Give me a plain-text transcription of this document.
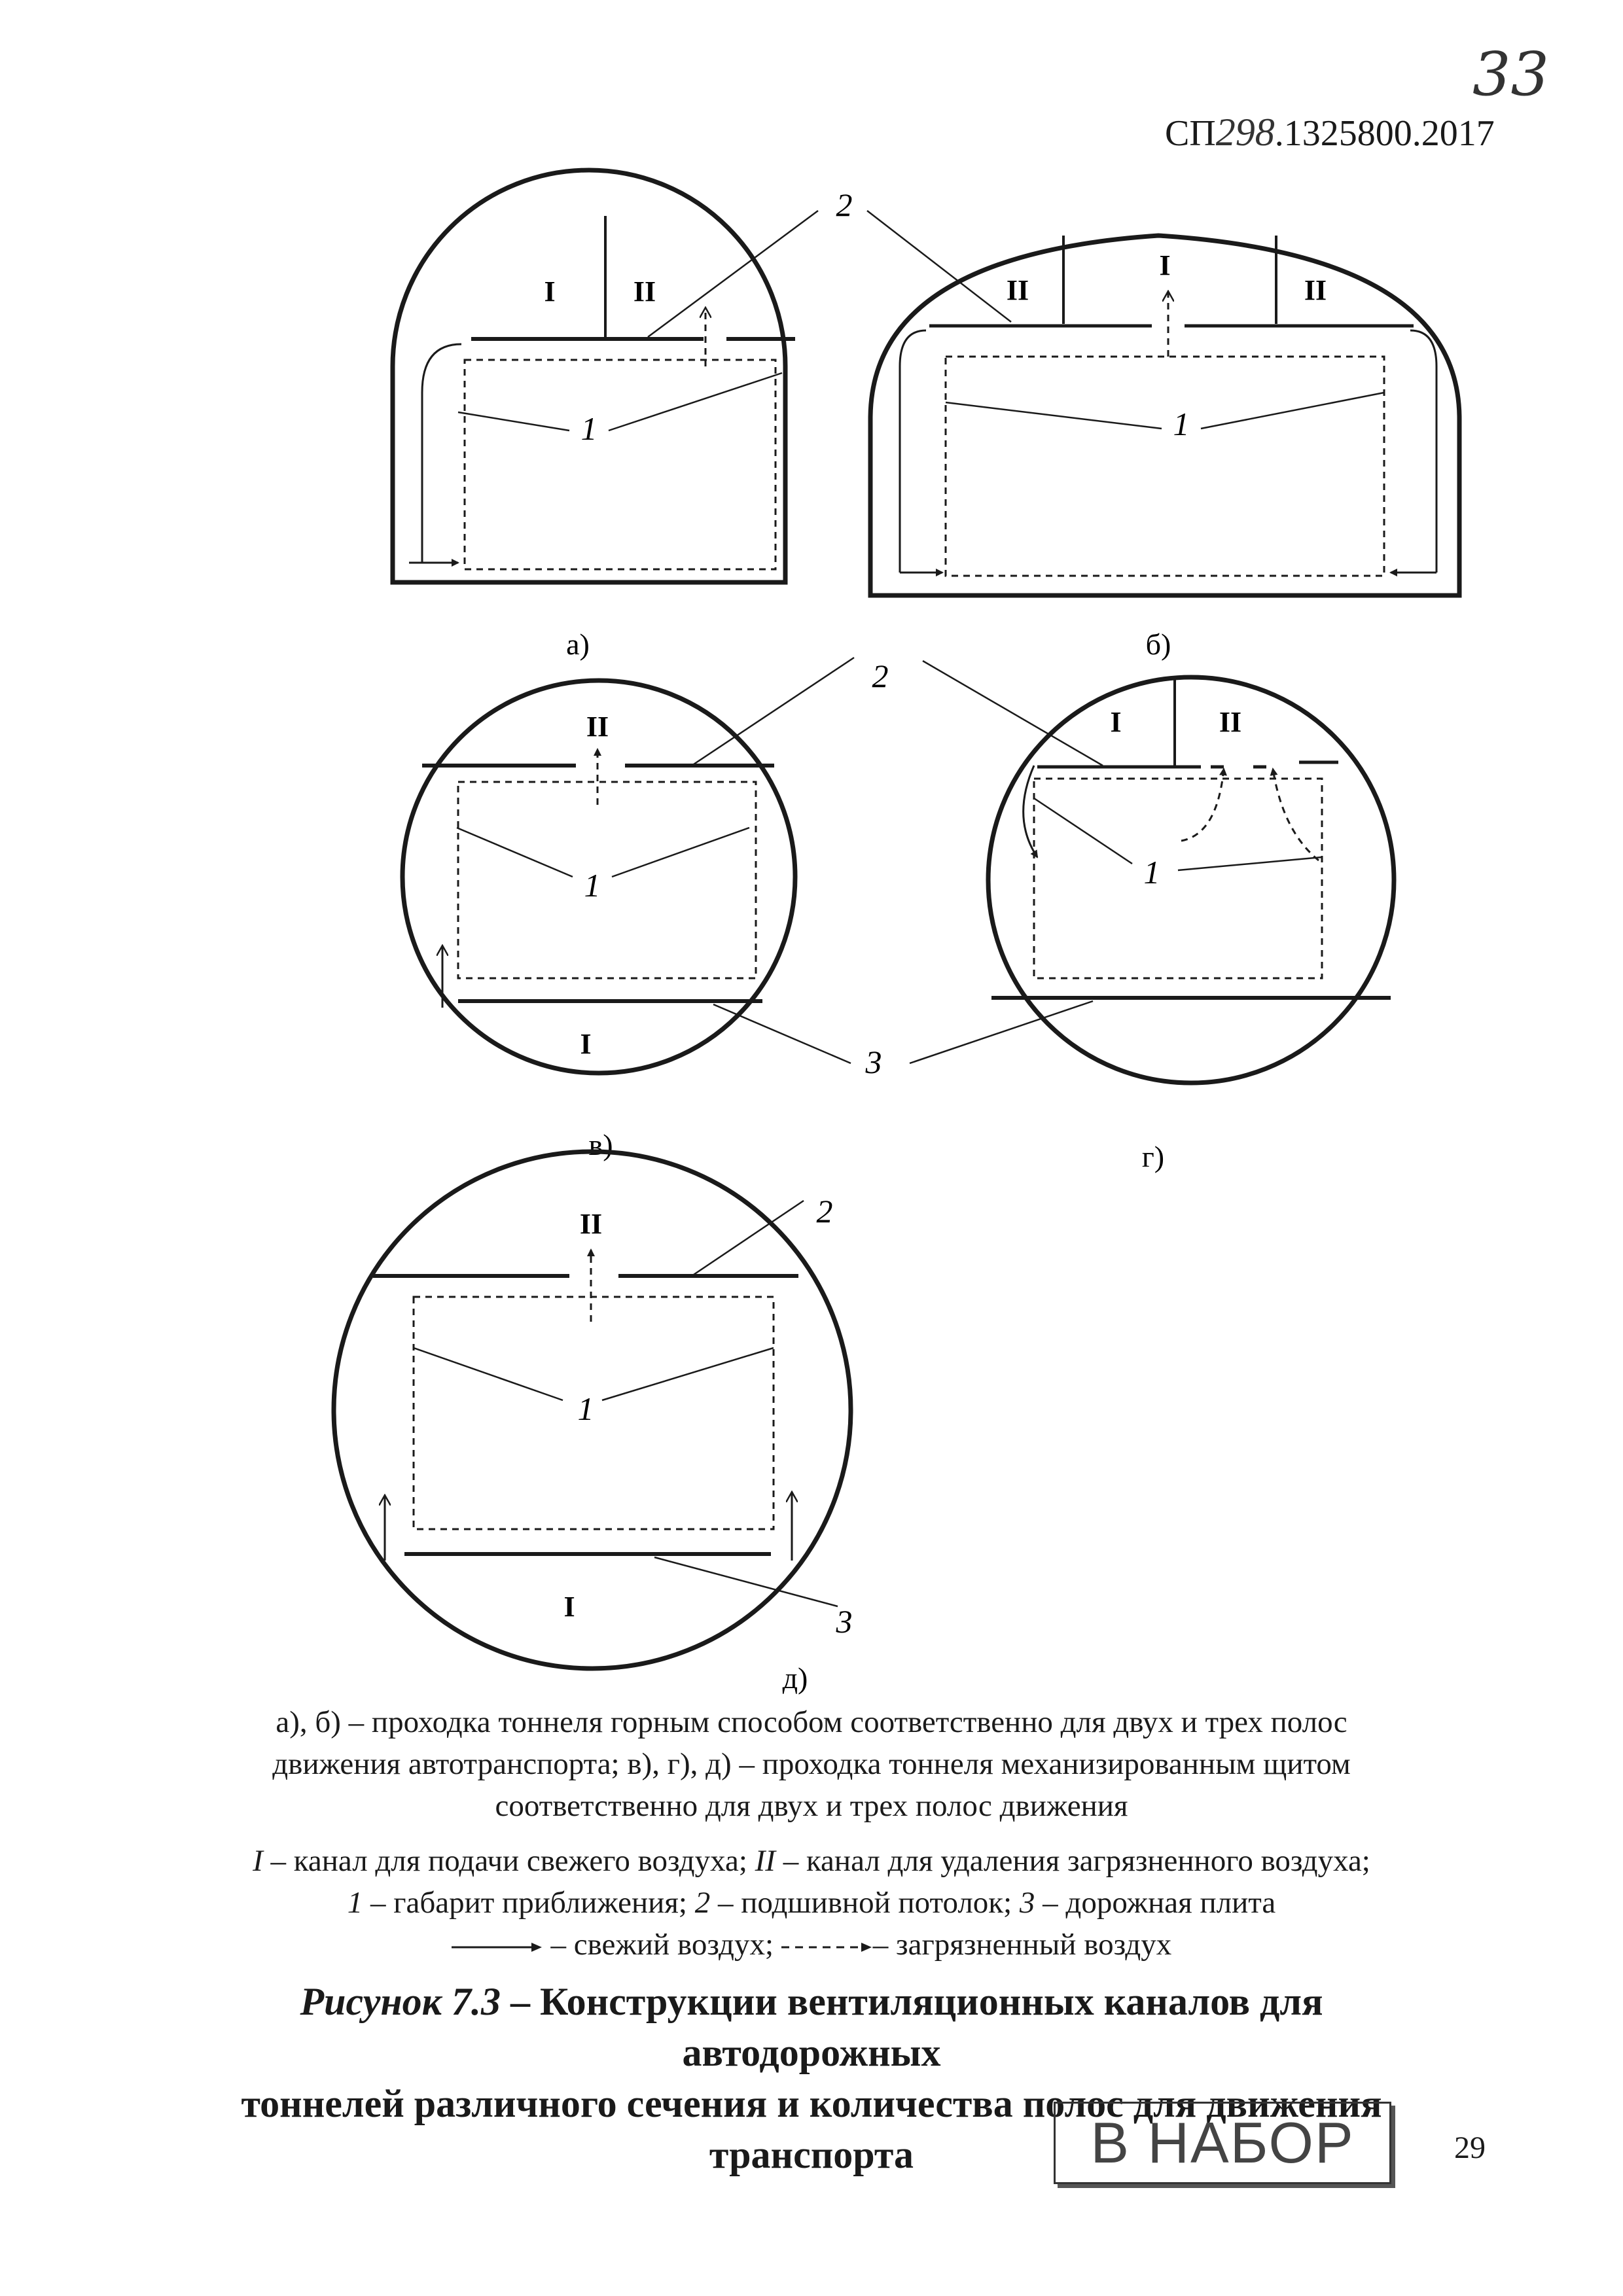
33
СП298.1325800.2017
I	II
1
а)
2
II
I
II
1
б)
2
II
I
1
3
в)
I	II
1
г)
2
II
I
1
3
д)
а), б) – проходка тоннеля горным способом соответственно для двух и трех полос
движения автотранспорта; в), г), д) – проходка тоннеля механизированным щитом
соответственно для двух и трех полос движения
I – канал для подачи свежего воздуха; II – канал для удаления загрязненного воздуха;
1 – габарит приближения; 2 – подшивной потолок; 3 – дорожная плита
– свежий воздух;	– загрязненный воздух
Рисунок 7.3 – Конструкции вентиляционных каналов для автодорожных
тоннелей различного сечения и количества полос для движения
транспорта	В НАБОР	29
